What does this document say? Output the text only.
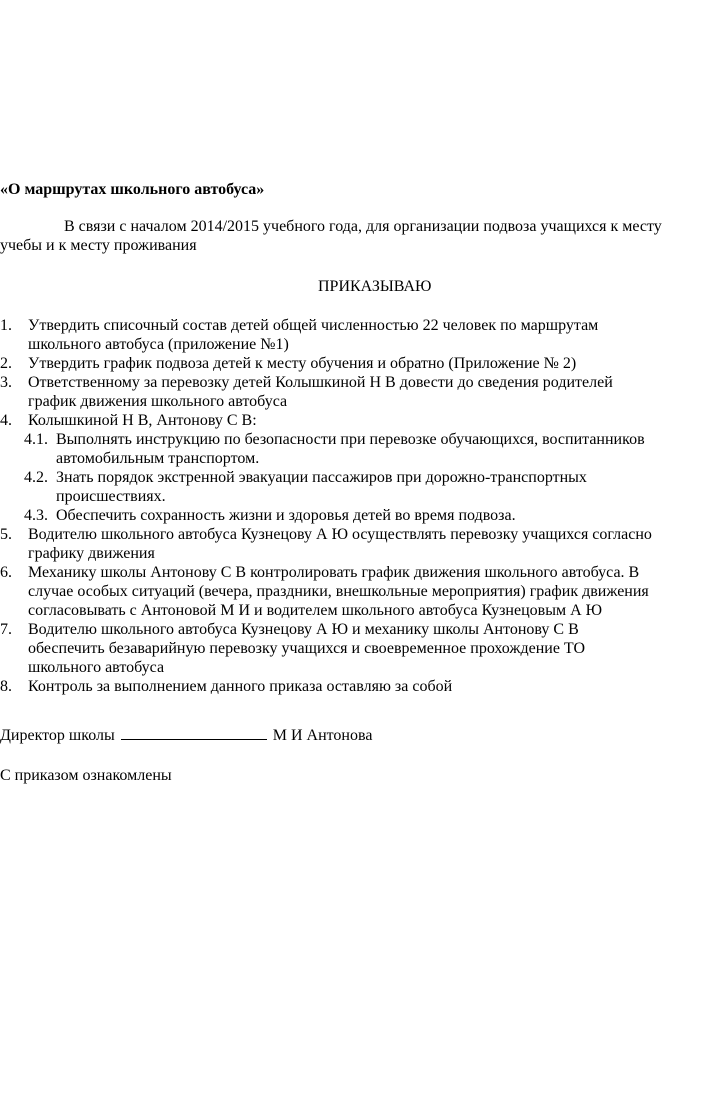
«О маршрутах школьного автобуса»
В связи с началом 2014/2015 учебного года, для организации подвоза учащихся к месту
учебы и к месту проживания
ПРИКАЗЫВАЮ
1. Утвердить списочный состав детей общей численностью 22 человек по маршрутам
школьного автобуса (приложение №1)
2. Утвердить график подвоза детей к месту обучения и обратно (Приложение № 2)
3. Ответственному за перевозку детей Колышкиной Н В довести до сведения родителей
график движения школьного автобуса
4. Колышкиной Н В, Антонову С В:
4.1. Выполнять инструкцию по безопасности при перевозке обучающихся, воспитанников
автомобильным транспортом.
4.2. Знать порядок экстренной эвакуации пассажиров при дорожно-транспортных
происшествиях.
4.3. Обеспечить сохранность жизни и здоровья детей во время подвоза.
5. Водителю школьного автобуса Кузнецову А Ю осуществлять перевозку учащихся согласно
графику движения
6. Механику школы Антонову С В контролировать график движения школьного автобуса. В
случае особых ситуаций (вечера, праздники, внешкольные мероприятия) график движения
согласовывать с Антоновой М И и водителем школьного автобуса Кузнецовым А Ю
7. Водителю школьного автобуса Кузнецову А Ю и механику школы Антонову С В
обеспечить безаварийную перевозку учащихся и своевременное прохождение ТО
школьного автобуса
8. Контроль за выполнением данного приказа оставляю за собой
Директор школы	М И Антонова
С приказом ознакомлены
